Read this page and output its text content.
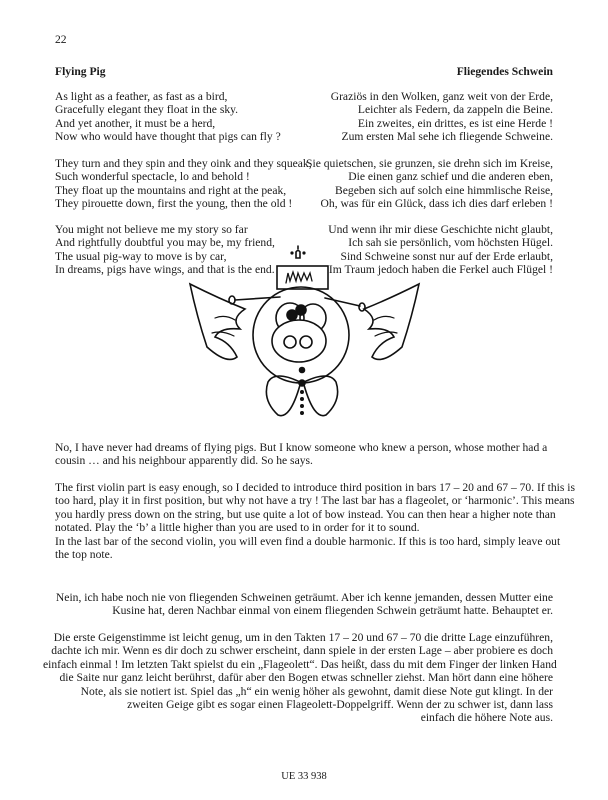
22
Flying Pig	Fliegendes Schwein
As light as a feather, as fast as a bird,
Gracefully elegant they float in the sky.
And yet another, it must be a herd,
Now who would have thought that pigs can fly ?
They turn and they spin and they oink and they squeak,
Such wonderful spectacle, lo and behold !
They float up the mountains and right at the peak,
They pirouette down, first the young, then the old !
You might not believe me my story so far
And rightfully doubtful you may be, my friend,
The usual pig-way to move is by car,
In dreams, pigs have wings, and that is the end.
Graziös in den Wolken, ganz weit von der Erde,
Leichter als Federn, da zappeln die Beine.
Ein zweites, ein drittes, es ist eine Herde !
Zum ersten Mal sehe ich fliegende Schweine.
Sie quietschen, sie grunzen, sie drehn sich im Kreise,
Die einen ganz schief und die anderen eben,
Begeben sich auf solch eine himmlische Reise,
Oh, was für ein Glück, dass ich dies darf erleben !
Und wenn ihr mir diese Geschichte nicht glaubt,
Ich sah sie persönlich, vom höchsten Hügel.
Sind Schweine sonst nur auf der Erde erlaubt,
Im Traum jedoch haben die Ferkel auch Flügel !
No, I have never had dreams of flying pigs. But I know someone who knew a person, whose mother had a
cousin … and his neighbour apparently did. So he says.
The first violin part is easy enough, so I decided to introduce third position in bars 17 – 20 and 67 – 70. If this is
too hard, play it in first position, but why not have a try ! The last bar has a flageolet, or ‘harmonic’. This means
you hardly press down on the string, but use quite a lot of bow instead. You can then hear a higher note than
notated. Play the ‘b’ a little higher than you are used to in order for it to sound.
In the last bar of the second violin, you will even find a double harmonic. If this is too hard, simply leave out
the top note.
Nein, ich habe noch nie von fliegenden Schweinen geträumt. Aber ich kenne jemanden, dessen Mutter eine
Kusine hat, deren Nachbar einmal von einem fliegenden Schwein geträumt hatte. Behauptet er.
Die erste Geigenstimme ist leicht genug, um in den Takten 17 – 20 und 67 – 70 die dritte Lage einzuführen,
dachte ich mir. Wenn es dir doch zu schwer erscheint, dann spiele in der ersten Lage – aber probiere es doch
einfach einmal ! Im letzten Takt spielst du ein „Flageolett“. Das heißt, dass du mit dem Finger der linken Hand
die Saite nur ganz leicht berührst, dafür aber den Bogen etwas schneller ziehst. Man hört dann eine höhere
Note, als sie notiert ist. Spiel das „h“ ein wenig höher als gewohnt, damit diese Note gut klingt. In der
zweiten Geige gibt es sogar einen Flageolett-Doppelgriff. Wenn der zu schwer ist, dann lass
einfach die höhere Note aus.
UE 33 938
